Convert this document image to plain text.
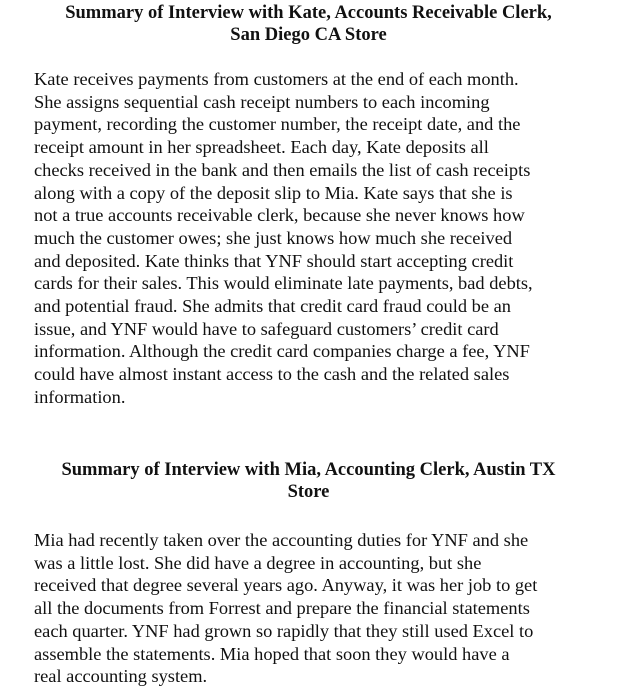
Summary of Interview with Kate, Accounts Receivable Clerk,
San Diego CA Store

Kate receives payments from customers at the end of each month.
She assigns sequential cash receipt numbers to each incoming
payment, recording the customer number, the receipt date, and the
receipt amount in her spreadsheet. Each day, Kate deposits all
checks received in the bank and then emails the list of cash receipts
along with a copy of the deposit slip to Mia. Kate says that she is
not a true accounts receivable clerk, because she never knows how
much the customer owes; she just knows how much she received
and deposited. Kate thinks that YNF should start accepting credit
cards for their sales. This would eliminate late payments, bad debts,
and potential fraud. She admits that credit card fraud could be an
issue, and YNF would have to safeguard customers’ credit card
information. Although the credit card companies charge a fee, YNF
could have almost instant access to the cash and the related sales
information.

Summary of Interview with Mia, Accounting Clerk, Austin TX
Store

Mia had recently taken over the accounting duties for YNF and she
was a little lost. She did have a degree in accounting, but she
received that degree several years ago. Anyway, it was her job to get
all the documents from Forrest and prepare the financial statements
each quarter. YNF had grown so rapidly that they still used Excel to
assemble the statements. Mia hoped that soon they would have a
real accounting system.
